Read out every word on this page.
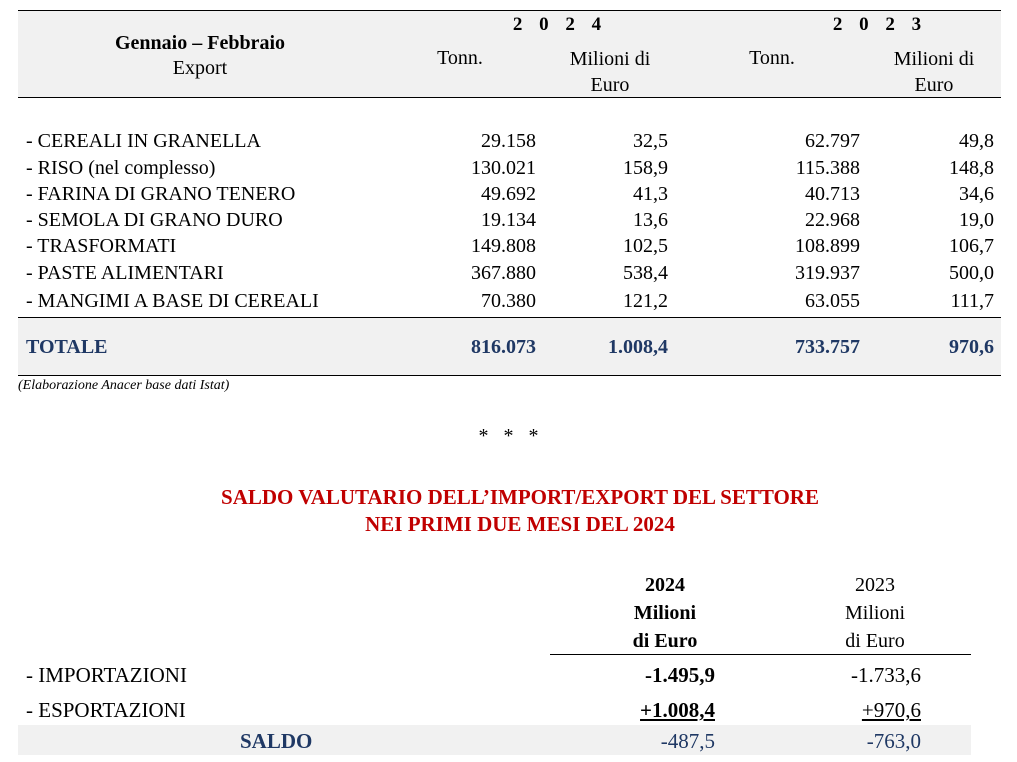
Gennaio – Febbraio
Export
2 0 2 4	2 0 2 3
Tonn.	Milioni di
Euro
Tonn.	Milioni di
Euro
- CEREALI IN GRANELLA	29.158	32,5	62.797	49,8
- RISO (nel complesso)	130.021	158,9	115.388	148,8
- FARINA DI GRANO TENERO	49.692	41,3	40.713	34,6
- SEMOLA DI GRANO DURO	19.134	13,6	22.968	19,0
- TRASFORMATI	149.808	102,5	108.899	106,7
- PASTE ALIMENTARI	367.880	538,4	319.937	500,0
- MANGIMI A BASE DI CEREALI	70.380	121,2	63.055	111,7
TOTALE	816.073	1.008,4	733.757	970,6
(Elaborazione Anacer base dati Istat)
*   *   *
SALDO VALUTARIO DELL’IMPORT/EXPORT DEL SETTORE
NEI PRIMI DUE MESI DEL 2024
2024
Milioni
di Euro
2023
Milioni
di Euro
- IMPORTAZIONI	-1.495,9	-1.733,6
- ESPORTAZIONI	+1.008,4	+970,6
SALDO	-487,5	-763,0
